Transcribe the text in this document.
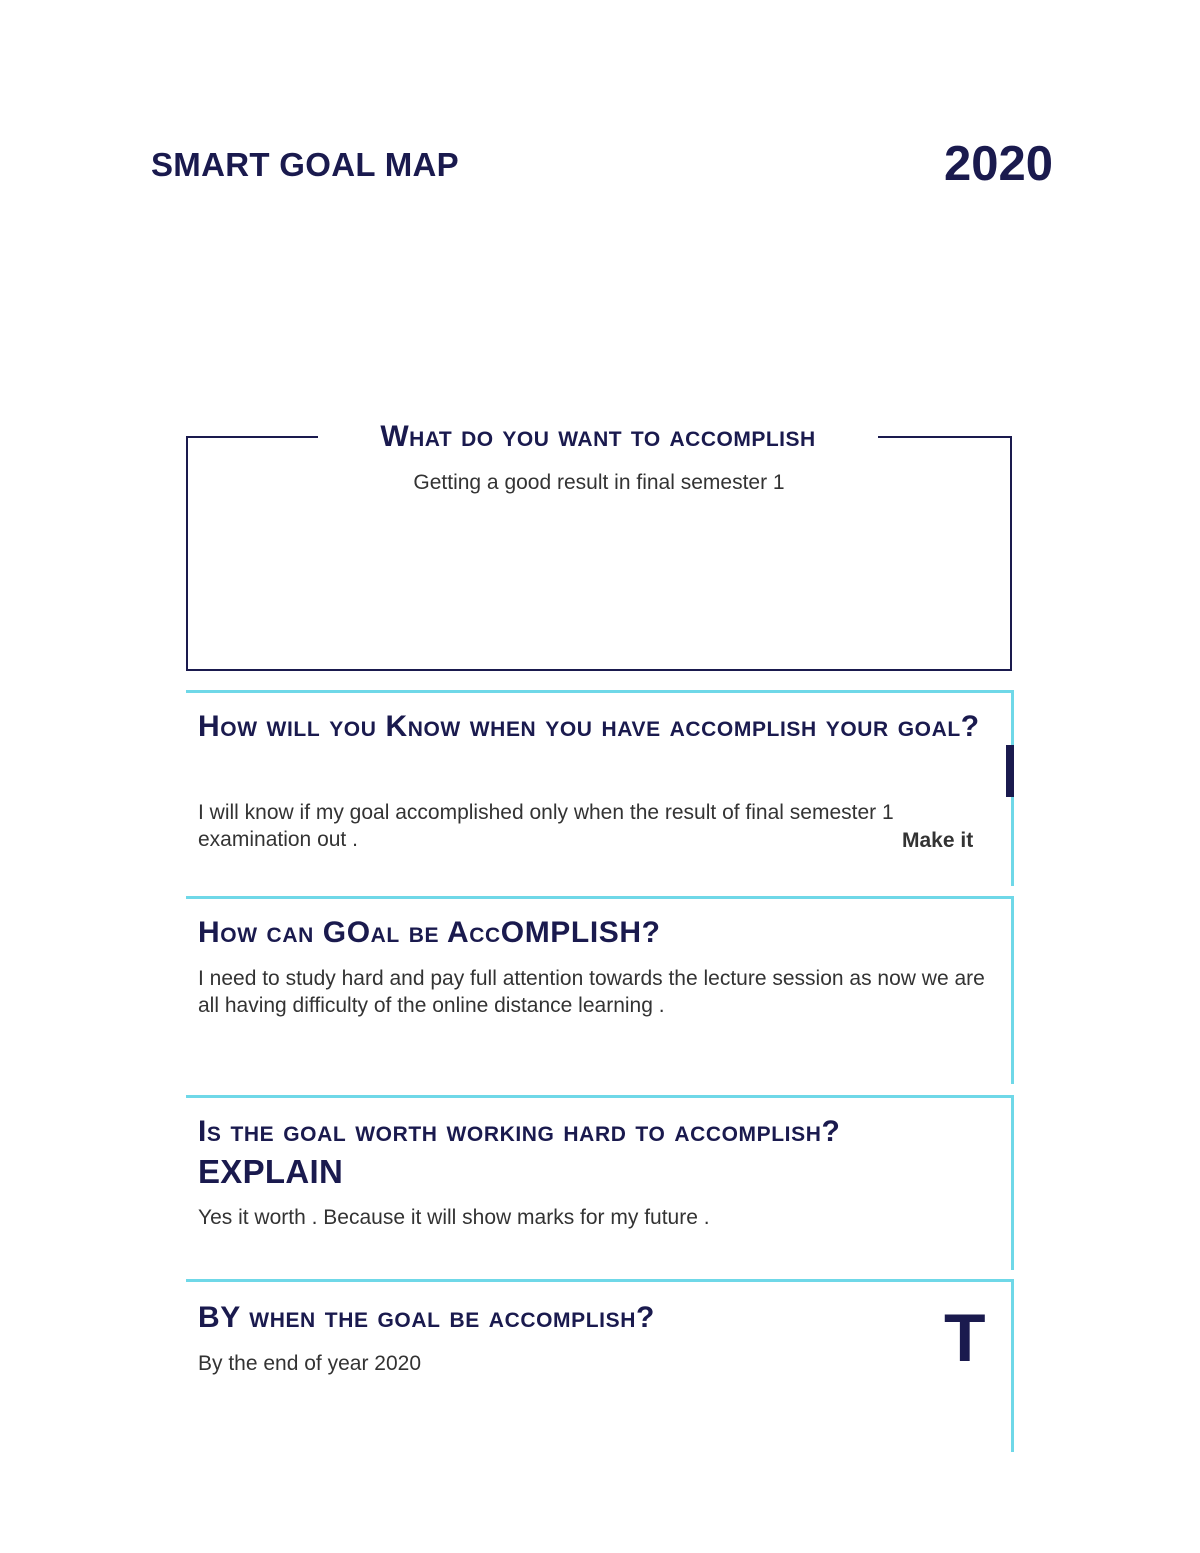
SMART GOAL MAP	2020
What do you want to accomplish
Getting a good result in final semester 1
How will you Know when you have accomplish your goal?
I will know if my goal accomplished only when the result of final semester 1 examination out .	Make it
How can GOal be AccOMPLISH?
I need to study hard and pay full attention towards the lecture session as now we are all having difficulty of the online distance learning .
Is the goal worth working hard to accomplish?
EXPLAIN
Yes it worth . Because it will show marks for my future .
BY when the goal be accomplish?
By the end of year 2020	T
